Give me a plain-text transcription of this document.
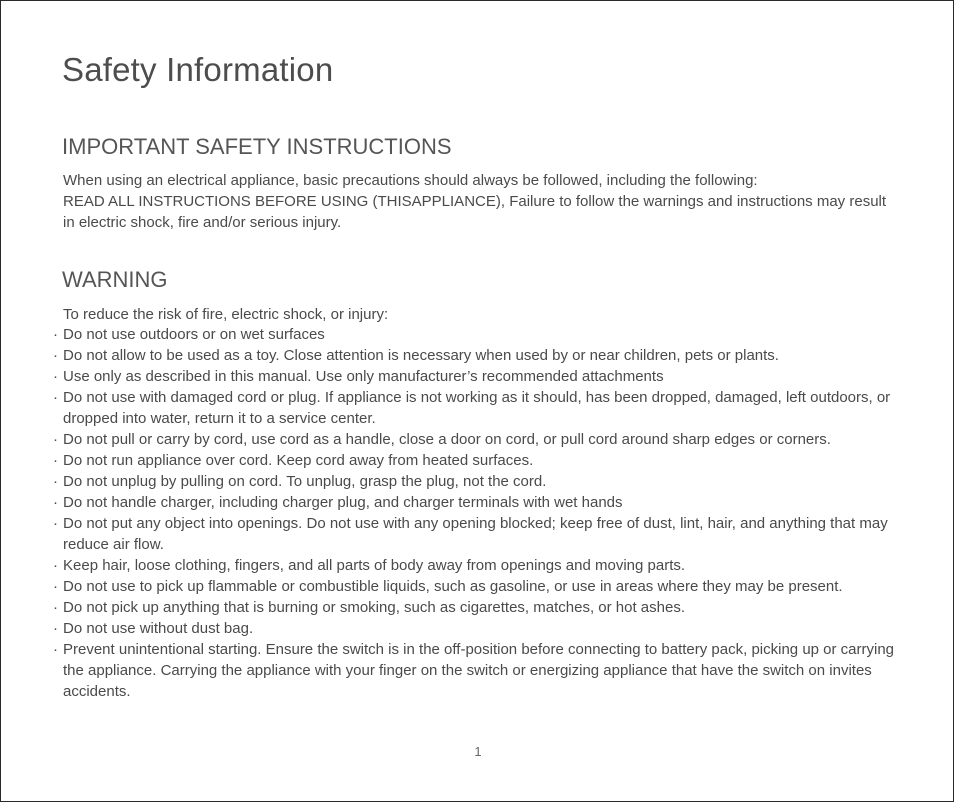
Safety Information
IMPORTANT SAFETY INSTRUCTIONS
When using an electrical appliance, basic precautions should always be followed, including the following:
READ ALL INSTRUCTIONS BEFORE USING (THISAPPLIANCE), Failure to follow the warnings and instructions may result in electric shock, fire and/or serious injury.
WARNING
To reduce the risk of fire, electric shock, or injury:
· Do not use outdoors or on wet surfaces
· Do not allow to be used as a toy. Close attention is necessary when used by or near children, pets or plants.
· Use only as described in this manual. Use only manufacturer’s recommended attachments
· Do not use with damaged cord or plug. If appliance is not working as it should, has been dropped, damaged, left outdoors, or dropped into water, return it to a service center.
· Do not pull or carry by cord, use cord as a handle, close a door on cord, or pull cord around sharp edges or corners.
· Do not run appliance over cord. Keep cord away from heated surfaces.
· Do not unplug by pulling on cord. To unplug, grasp the plug, not the cord.
· Do not handle charger, including charger plug, and charger terminals with wet hands
· Do not put any object into openings. Do not use with any opening blocked; keep free of dust, lint, hair, and anything that may reduce air flow.
· Keep hair, loose clothing, fingers, and all parts of body away from openings and moving parts.
· Do not use to pick up flammable or combustible liquids, such as gasoline, or use in areas where they may be present.
· Do not pick up anything that is burning or smoking, such as cigarettes, matches, or hot ashes.
· Do not use without dust bag.
· Prevent unintentional starting. Ensure the switch is in the off-position before connecting to battery pack, picking up or carrying the appliance. Carrying the appliance with your finger on the switch or energizing appliance that have the switch on invites accidents.
1
